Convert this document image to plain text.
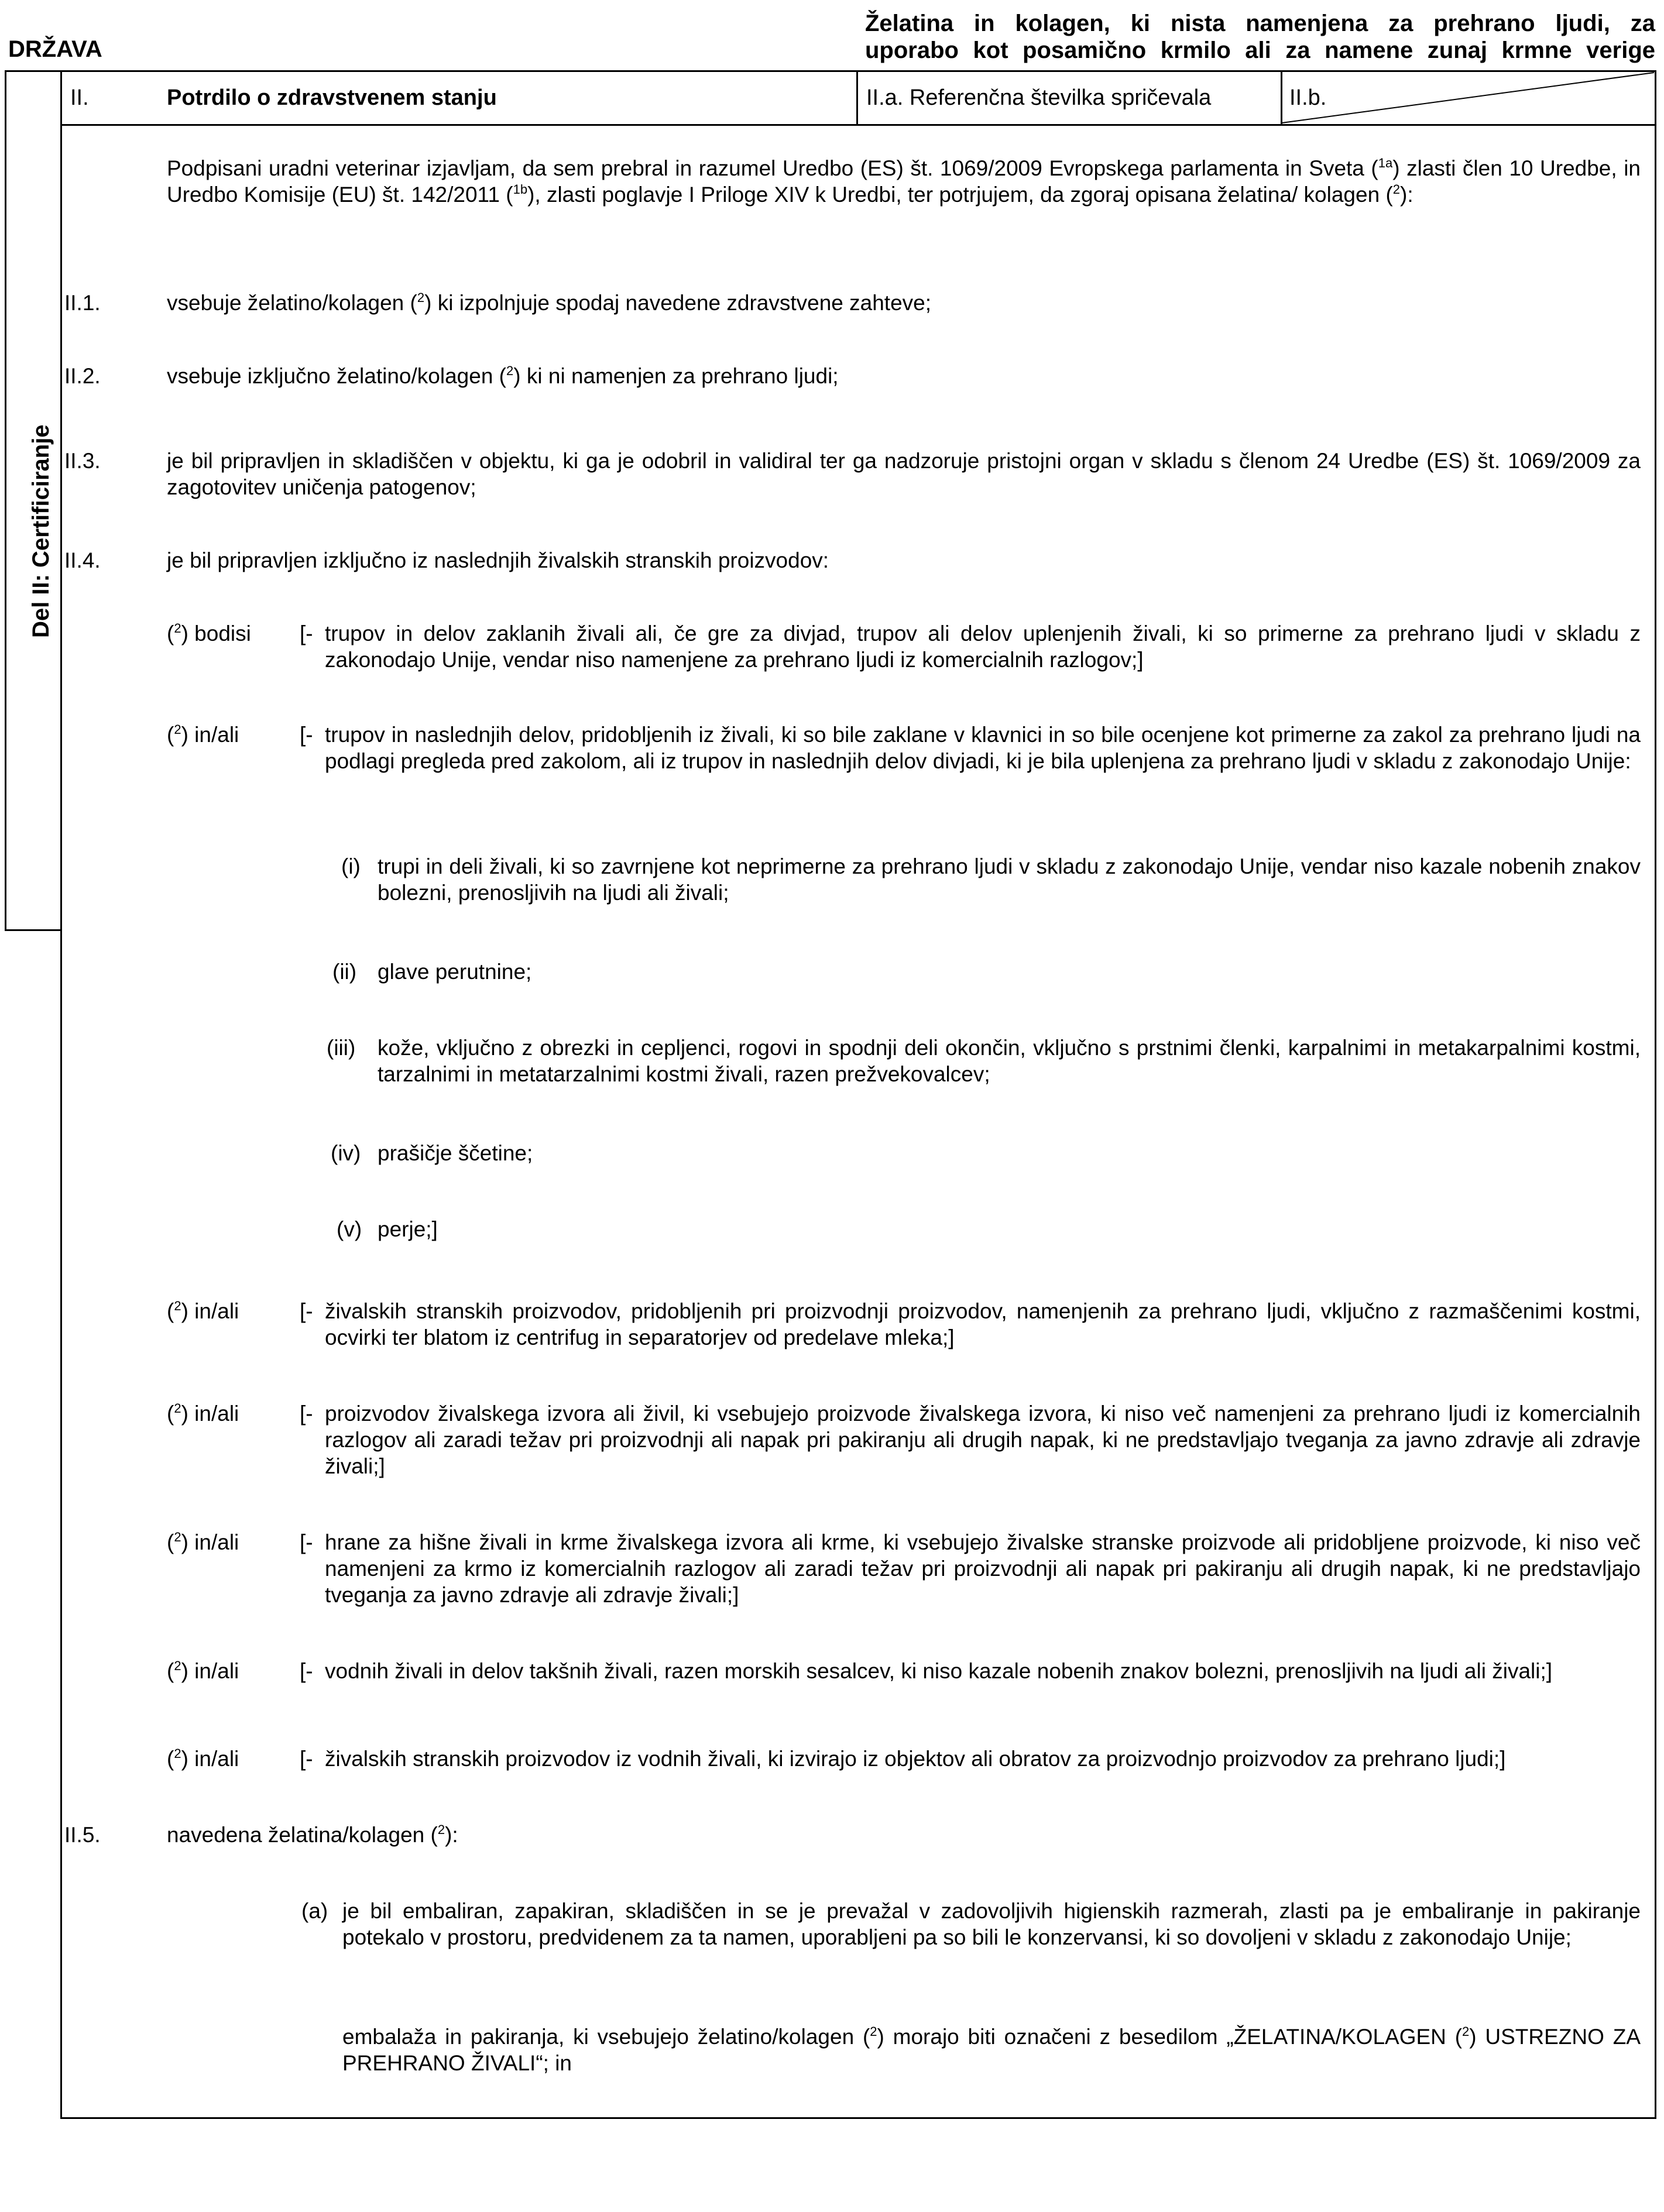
DRŽAVA
Želatina in kolagen, ki nista namenjena za prehrano ljudi, za
uporabo kot posamično krmilo ali za namene zunaj krmne verige
II.	Potrdilo o zdravstvenem stanju	II.a. Referenčna številka spričevala	II.b.
Del II: Certificiranje
Podpisani uradni veterinar izjavljam, da sem prebral in razumel Uredbo (ES) št. 1069/2009 Evropskega parlamenta in Sveta ($^{1a}$) zlasti člen 10 Uredbe, in Uredbo Komisije (EU) št. 142/2011 ($^{1b}$), zlasti poglavje I Priloge XIV k Uredbi, ter potrjujem, da zgoraj opisana želatina/ kolagen ($^2$):
II.1.	vsebuje želatino/kolagen ($^2$) ki izpolnjuje spodaj navedene zdravstvene zahteve;
II.2.	vsebuje izključno želatino/kolagen ($^2$) ki ni namenjen za prehrano ljudi;
II.3.	je bil pripravljen in skladiščen v objektu, ki ga je odobril in validiral ter ga nadzoruje pristojni organ v skladu s členom 24 Uredbe (ES) št. 1069/2009 za zagotovitev uničenja patogenov;
II.4.	je bil pripravljen izključno iz naslednjih živalskih stranskih proizvodov:
($^2$) bodisi [- trupov in delov zaklanih živali ali, če gre za divjad, trupov ali delov uplenjenih živali, ki so primerne za prehrano ljudi v skladu z zakonodajo Unije, vendar niso namenjene za prehrano ljudi iz komercialnih razlogov;]
($^2$) in/ali	[- trupov in naslednjih delov, pridobljenih iz živali, ki so bile zaklane v klavnici in so bile ocenjene kot primerne za zakol za prehrano ljudi na podlagi pregleda pred zakolom, ali iz trupov in naslednjih delov divjadi, ki je bila uplenjena za prehrano ljudi v skladu z zakonodajo Unije:
(i) trupi in deli živali, ki so zavrnjene kot neprimerne za prehrano ljudi v skladu z zakonodajo Unije, vendar niso kazale nobenih znakov bolezni, prenosljivih na ljudi ali živali;
(ii) glave perutnine;
(iii) kože, vključno z obrezki in cepljenci, rogovi in spodnji deli okončin, vključno s prstnimi členki, karpalnimi in metakarpalnimi kostmi, tarzalnimi in metatarzalnimi kostmi živali, razen prežvekovalcev;
(iv) prašičje ščetine;
(v) perje;]
($^2$) in/ali	[- živalskih stranskih proizvodov, pridobljenih pri proizvodnji proizvodov, namenjenih za prehrano ljudi, vključno z razmaščenimi kostmi, ocvirki ter blatom iz centrifug in separatorjev od predelave mleka;]
($^2$) in/ali	[- proizvodov živalskega izvora ali živil, ki vsebujejo proizvode živalskega izvora, ki niso več namenjeni za prehrano ljudi iz komercialnih razlogov ali zaradi težav pri proizvodnji ali napak pri pakiranju ali drugih napak, ki ne predstavljajo tveganja za javno zdravje ali zdravje živali;]
($^2$) in/ali	[- hrane za hišne živali in krme živalskega izvora ali krme, ki vsebujejo živalske stranske proizvode ali pridobljene proizvode, ki niso več namenjeni za krmo iz komercialnih razlogov ali zaradi težav pri proizvodnji ali napak pri pakiranju ali drugih napak, ki ne predstavljajo tveganja za javno zdravje ali zdravje živali;]
($^2$) in/ali	[- vodnih živali in delov takšnih živali, razen morskih sesalcev, ki niso kazale nobenih znakov bolezni, prenosljivih na ljudi ali živali;]
($^2$) in/ali	[- živalskih stranskih proizvodov iz vodnih živali, ki izvirajo iz objektov ali obratov za proizvodnjo proizvodov za prehrano ljudi;]
II.5.	navedena želatina/kolagen ($^2$):
(a) je bil embaliran, zapakiran, skladiščen in se je prevažal v zadovoljivih higienskih razmerah, zlasti pa je embaliranje in pakiranje potekalo v prostoru, predvidenem za ta namen, uporabljeni pa so bili le konzervansi, ki so dovoljeni v skladu z zakonodajo Unije;
embalaža in pakiranja, ki vsebujejo želatino/kolagen ($^2$) morajo biti označeni z besedilom „ŽELATINA/KOLAGEN ($^2$) USTREZNO ZA PREHRANO ŽIVALI“; in
